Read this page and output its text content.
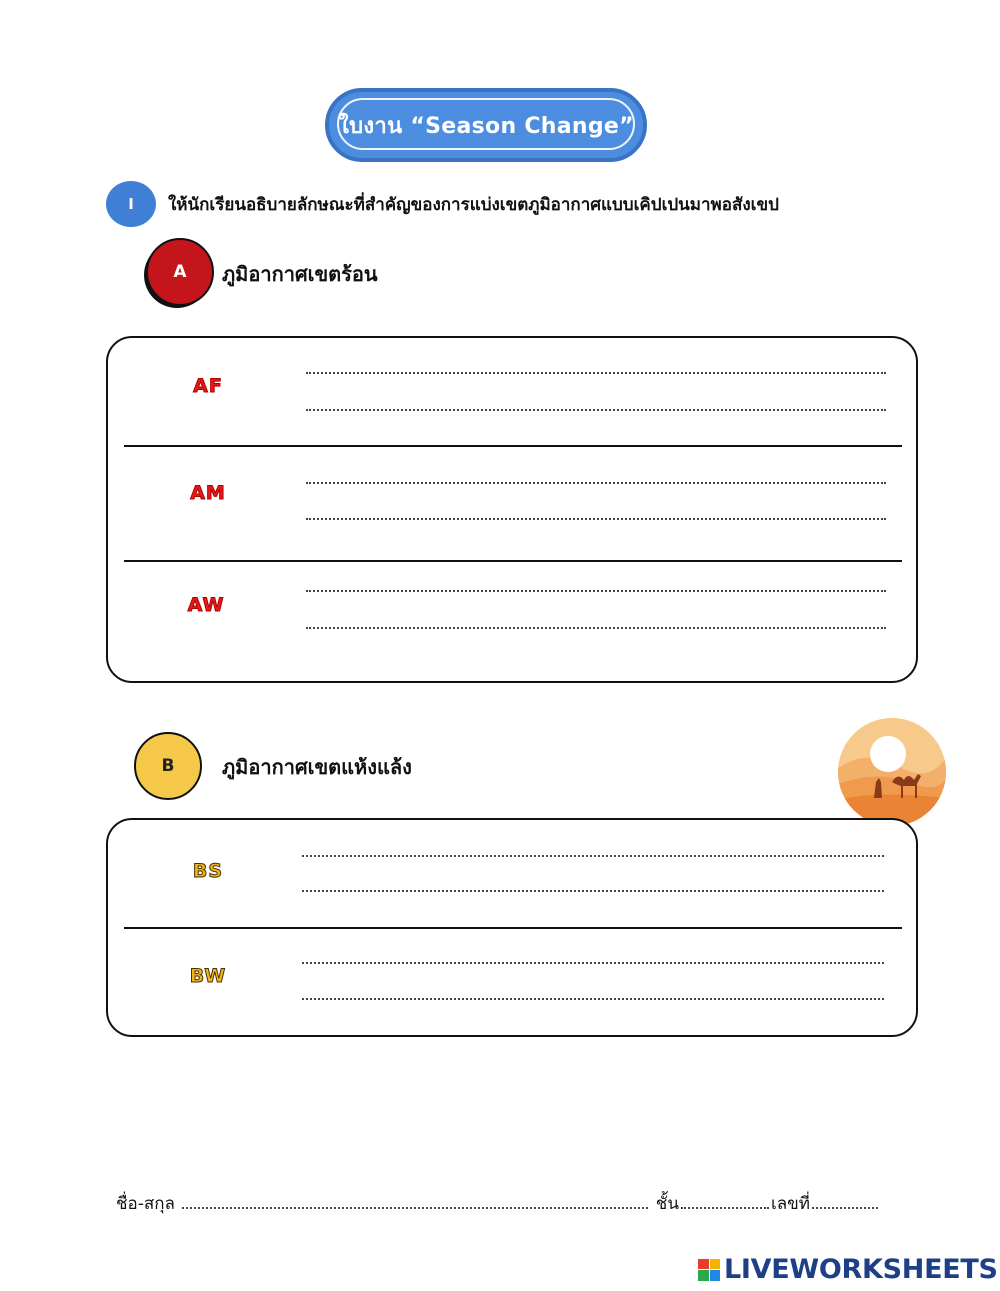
ใบงาน “Season Change”
I	ให้นักเรียนอธิบายลักษณะที่สำคัญของการแบ่งเขตภูมิอากาศแบบเคิปเปนมาพอสังเขป
A	ภูมิอากาศเขตร้อน
AF
AM
AW
B	ภูมิอากาศเขตแห้งแล้ง
BS
BW
ชื่อ-สกุล	ชั้น	เลขที่
LIVEWORKSHEETS
